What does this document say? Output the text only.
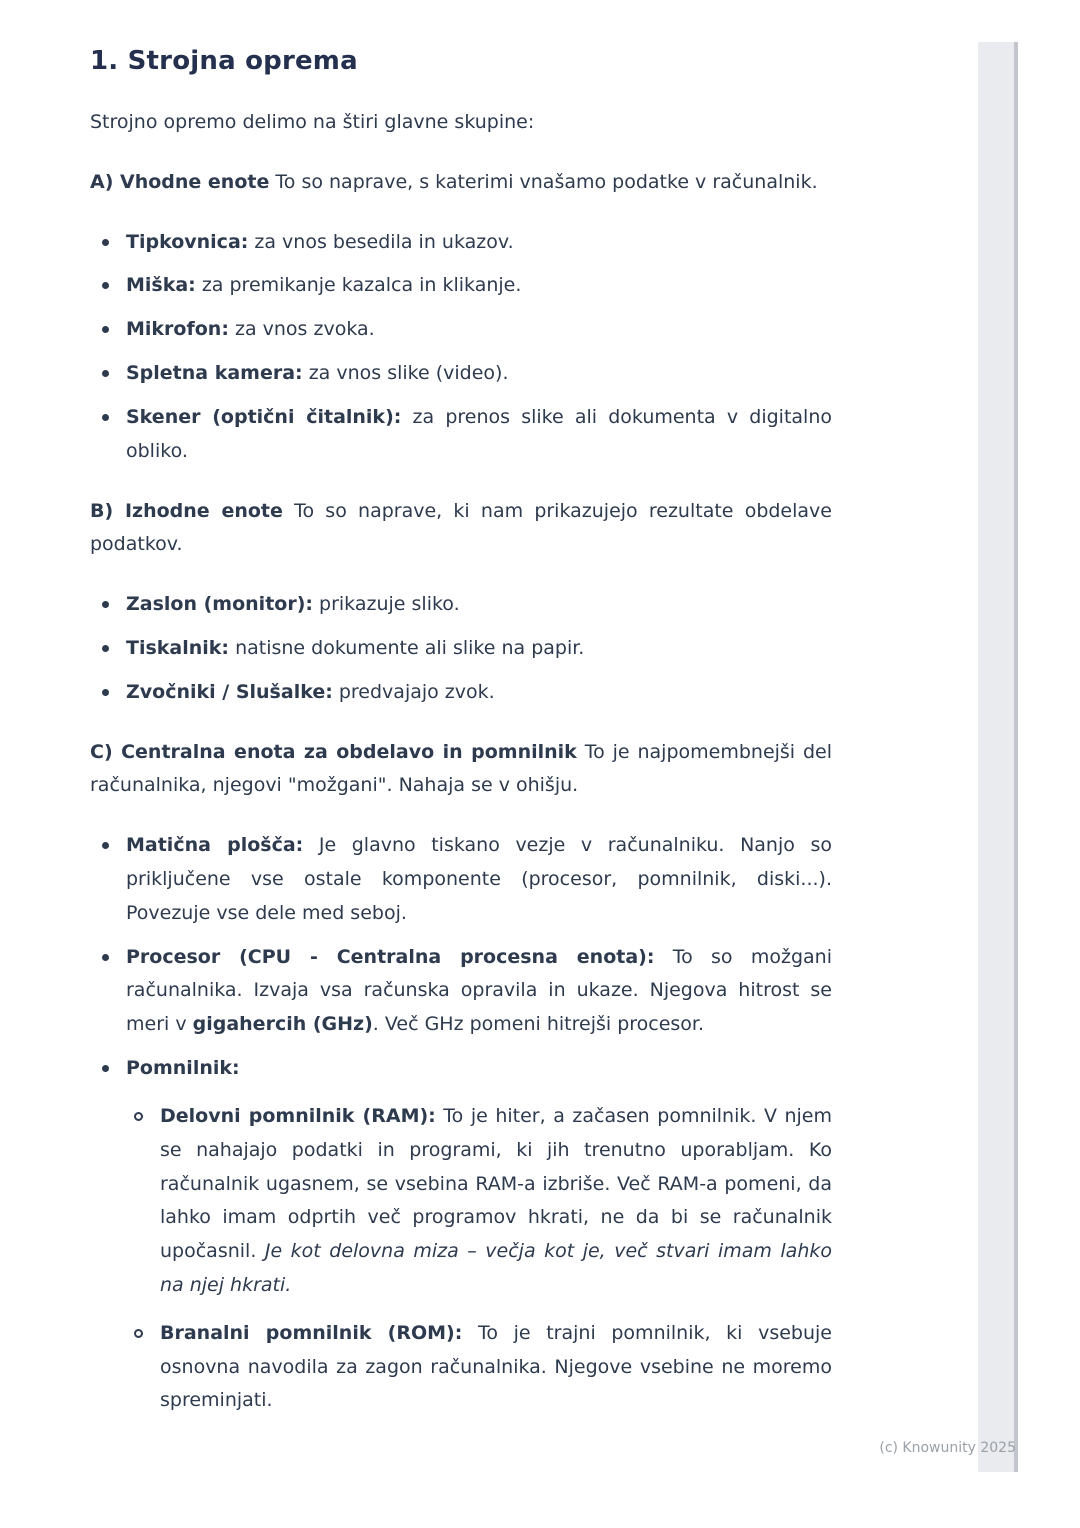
1. Strojna oprema

Strojno opremo delimo na štiri glavne skupine:

A) Vhodne enote To so naprave, s katerimi vnašamo podatke v računalnik.

Tipkovnica: za vnos besedila in ukazov.
Miška: za premikanje kazalca in klikanje.
Mikrofon: za vnos zvoka.
Spletna kamera: za vnos slike (video).
Skener (optični čitalnik): za prenos slike ali dokumenta v digitalno obliko.

B) Izhodne enote To so naprave, ki nam prikazujejo rezultate obdelave podatkov.

Zaslon (monitor): prikazuje sliko.
Tiskalnik: natisne dokumente ali slike na papir.
Zvočniki / Slušalke: predvajajo zvok.

C) Centralna enota za obdelavo in pomnilnik To je najpomembnejši del računalnika, njegovi "možgani". Nahaja se v ohišju.

Matična plošča: Je glavno tiskano vezje v računalniku. Nanjo so priključene vse ostale komponente (procesor, pomnilnik, diski...). Povezuje vse dele med seboj.
Procesor (CPU - Centralna procesna enota): To so možgani računalnika. Izvaja vsa računska opravila in ukaze. Njegova hitrost se meri v gigahercih (GHz). Več GHz pomeni hitrejši procesor.
Pomnilnik:
Delovni pomnilnik (RAM): To je hiter, a začasen pomnilnik. V njem se nahajajo podatki in programi, ki jih trenutno uporabljam. Ko računalnik ugasnem, se vsebina RAM-a izbriše. Več RAM-a pomeni, da lahko imam odprtih več programov hkrati, ne da bi se računalnik upočasnil. Je kot delovna miza – večja kot je, več stvari imam lahko na njej hkrati.
Branalni pomnilnik (ROM): To je trajni pomnilnik, ki vsebuje osnovna navodila za zagon računalnika. Njegove vsebine ne moremo spreminjati.
(c) Knowunity 2025
